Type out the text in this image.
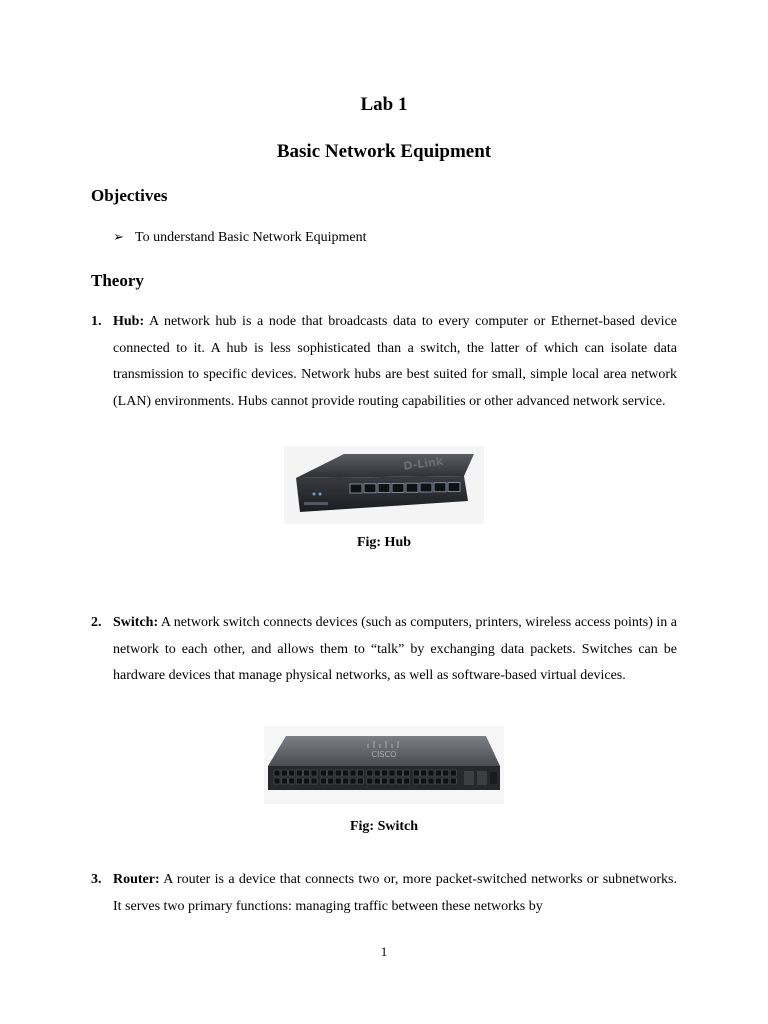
Lab 1
Basic Network Equipment
Objectives
➢ To understand Basic Network Equipment
Theory
1. Hub: A network hub is a node that broadcasts data to every computer or Ethernet-based device connected to it. A hub is less sophisticated than a switch, the latter of which can isolate data transmission to specific devices. Network hubs are best suited for small, simple local area network (LAN) environments. Hubs cannot provide routing capabilities or other advanced network service.
D-Link
Fig: Hub
2. Switch: A network switch connects devices (such as computers, printers, wireless access points) in a network to each other, and allows them to “talk” by exchanging data packets. Switches can be hardware devices that manage physical networks, as well as software-based virtual devices.
CISCO
Fig: Switch
3. Router: A router is a device that connects two or, more packet-switched networks or subnetworks. It serves two primary functions: managing traffic between these networks by
1
